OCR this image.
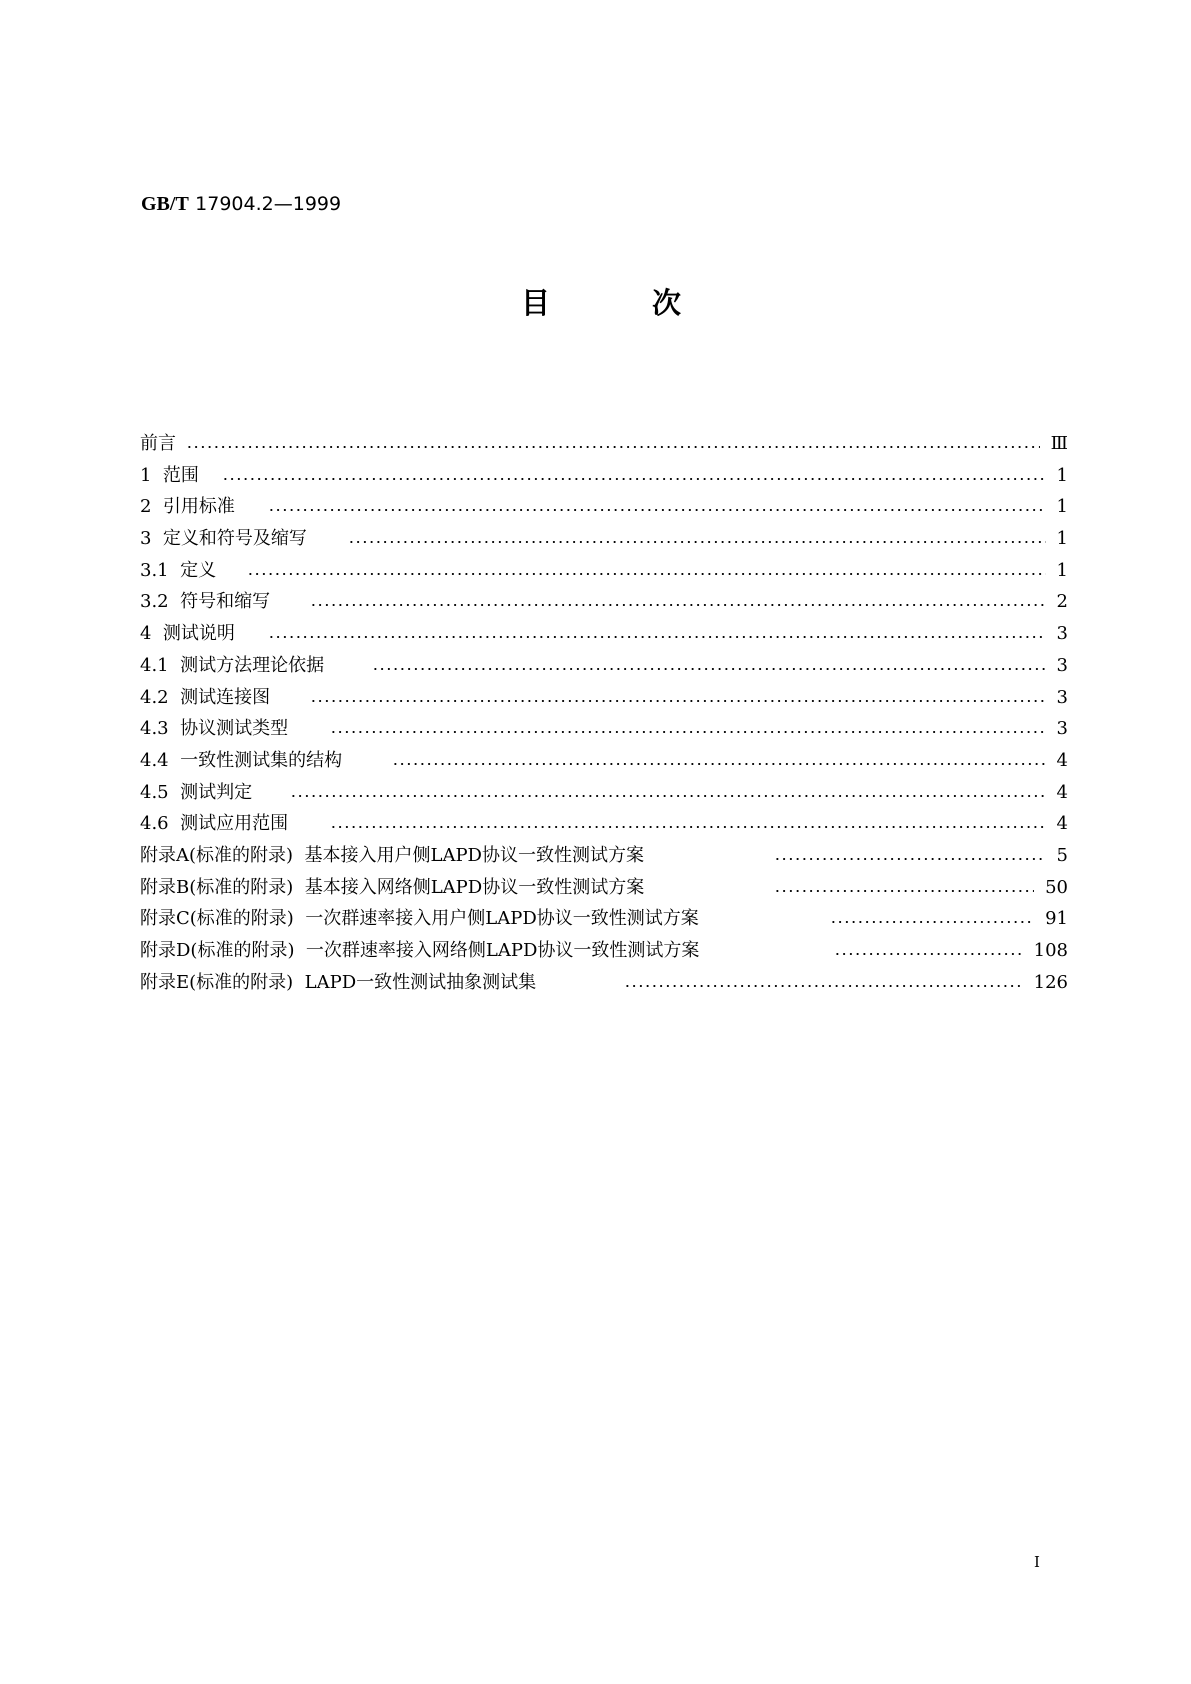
GB/T 17904.2—1999
目	次
前言	Ⅲ
1  范围	1
2  引用标准	1
3  定义和符号及缩写	1
3.1  定义	1
3.2  符号和缩写	2
4  测试说明	3
4.1  测试方法理论依据	3
4.2  测试连接图	3
4.3  协议测试类型	3
4.4  一致性测试集的结构	4
4.5  测试判定	4
4.6  测试应用范围	4
附录A(标准的附录)  基本接入用户侧LAPD协议一致性测试方案	5
附录B(标准的附录)  基本接入网络侧LAPD协议一致性测试方案	50
附录C(标准的附录)  一次群速率接入用户侧LAPD协议一致性测试方案	91
附录D(标准的附录)  一次群速率接入网络侧LAPD协议一致性测试方案	108
附录E(标准的附录)  LAPD一致性测试抽象测试集	126
I
